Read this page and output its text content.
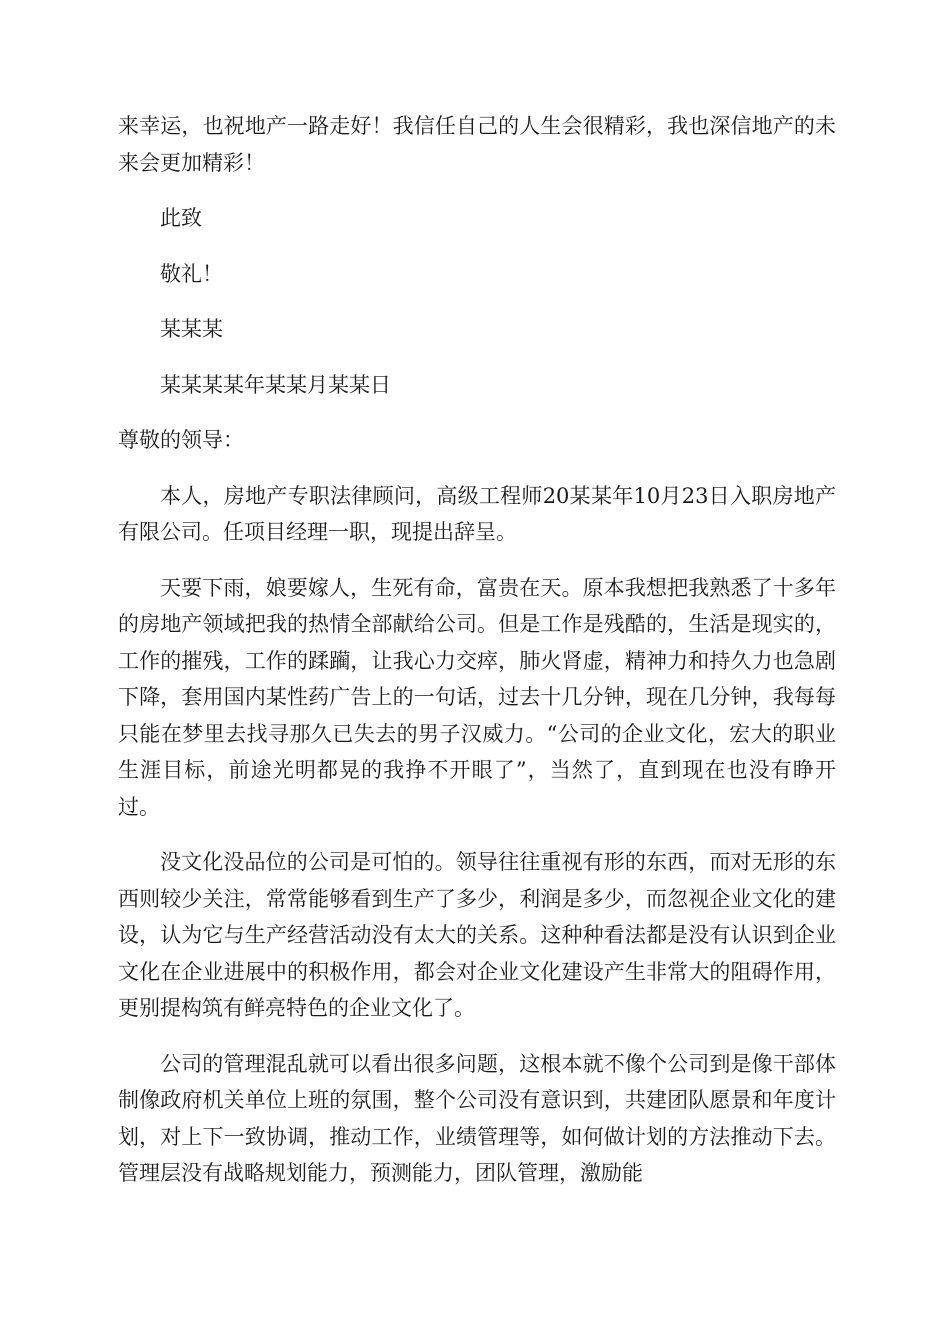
来幸运，也祝地产一路走好！我信任自己的人生会很精彩，我也深信地产的未来会更加精彩！

此致

敬礼！

某某某

某某某某年某某月某某日

尊敬的领导：

本人，房地产专职法律顾问，高级工程师20某某年10月23日入职房地产有限公司。任项目经理一职，现提出辞呈。

天要下雨，娘要嫁人，生死有命，富贵在天。原本我想把我熟悉了十多年的房地产领域把我的热情全部献给公司。但是工作是残酷的，生活是现实的，工作的摧残，工作的蹂躏，让我心力交瘁，肺火肾虚，精神力和持久力也急剧下降，套用国内某性药广告上的一句话，过去十几分钟，现在几分钟，我每每只能在梦里去找寻那久已失去的男子汉威力。“公司的企业文化，宏大的职业生涯目标，前途光明都晃的我挣不开眼了”，当然了，直到现在也没有睁开过。

没文化没品位的公司是可怕的。领导往往重视有形的东西，而对无形的东西则较少关注，常常能够看到生产了多少，利润是多少，而忽视企业文化的建设，认为它与生产经营活动没有太大的关系。这种种看法都是没有认识到企业文化在企业进展中的积极作用，都会对企业文化建设产生非常大的阻碍作用，更别提构筑有鲜亮特色的企业文化了。

公司的管理混乱就可以看出很多问题，这根本就不像个公司到是像干部体制像政府机关单位上班的氛围，整个公司没有意识到，共建团队愿景和年度计划，对上下一致协调，推动工作，业绩管理等，如何做计划的方法推动下去。管理层没有战略规划能力，预测能力，团队管理，激励能
